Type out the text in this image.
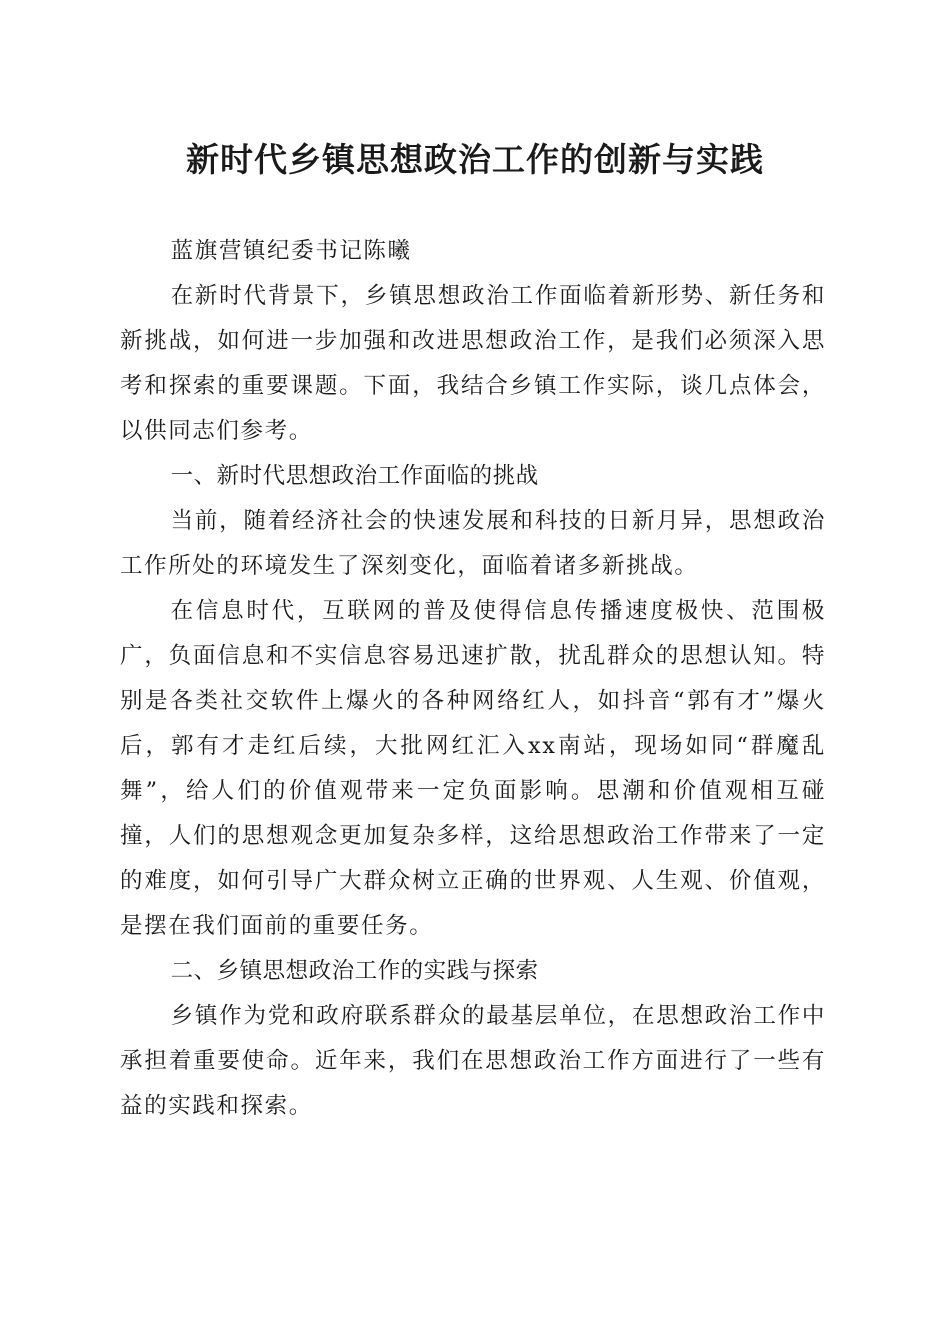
新时代乡镇思想政治工作的创新与实践

蓝旗营镇纪委书记陈曦

在新时代背景下，乡镇思想政治工作面临着新形势、新任务和新挑战，如何进一步加强和改进思想政治工作，是我们必须深入思考和探索的重要课题。下面，我结合乡镇工作实际，谈几点体会，以供同志们参考。

一、新时代思想政治工作面临的挑战

当前，随着经济社会的快速发展和科技的日新月异，思想政治工作所处的环境发生了深刻变化，面临着诸多新挑战。

在信息时代，互联网的普及使得信息传播速度极快、范围极广，负面信息和不实信息容易迅速扩散，扰乱群众的思想认知。特别是各类社交软件上爆火的各种网络红人，如抖音“郭有才”爆火后，郭有才走红后续，大批网红汇入xx南站，现场如同“群魔乱舞”，给人们的价值观带来一定负面影响。思潮和价值观相互碰撞，人们的思想观念更加复杂多样，这给思想政治工作带来了一定的难度，如何引导广大群众树立正确的世界观、人生观、价值观，是摆在我们面前的重要任务。

二、乡镇思想政治工作的实践与探索

乡镇作为党和政府联系群众的最基层单位，在思想政治工作中承担着重要使命。近年来，我们在思想政治工作方面进行了一些有益的实践和探索。
